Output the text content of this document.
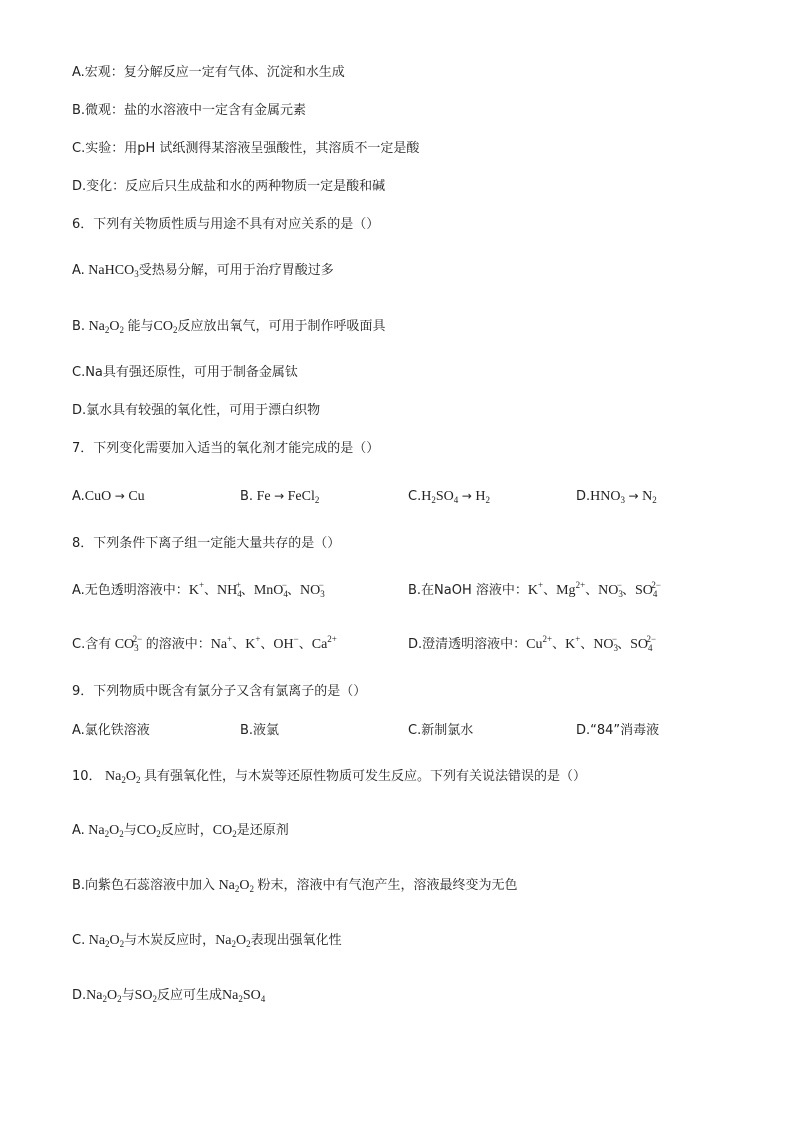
A.宏观：复分解反应一定有气体、沉淀和水生成
B.微观：盐的水溶液中一定含有金属元素
C.实验：用pH 试纸测得某溶液呈强酸性，其溶质不一定是酸
D.变化：反应后只生成盐和水的两种物质一定是酸和碱
6．下列有关物质性质与用途不具有对应关系的是（）
A. NaHCO$_3$受热易分解，可用于治疗胃酸过多
B. $Na_2O_2$ 能与$CO_2$反应放出氧气，可用于制作呼吸面具
C.Na具有强还原性，可用于制备金属钛
D.氯水具有较强的氧化性，可用于漂白织物
7．下列变化需要加入适当的氧化剂才能完成的是（）
A.CuO → Cu	B. Fe → FeCl$_2$	$C.H_2SO_4 \to H_2$	$D.HNO_3 \to N_2$
8．下列条件下离子组一定能大量共存的是（）
A.无色透明溶液中：K+、$NH_4^+$、MnO$_4$−、$NO_3^-$	B.在NaOH 溶液中：K+、$Mg^{2+}$、$NO_3^-$、$SO_4^{2-}$
C.含有 $CO_3^{2-}$ 的溶液中：Na+、K+、OH−、$Ca^{2+}$	D.澄清透明溶液中：$Cu^{2+}$、K+、$NO_3^-$、$SO_4^{2-}$
9．下列物质中既含有氯分子又含有氯离子的是（）
A.氯化铁溶液	B.液氯	C.新制氯水	D.“84”消毒液
10． $Na_2O_2$ 具有强氧化性，与木炭等还原性物质可发生反应。下列有关说法错误的是（）
A. $Na_2O_2$与$CO_2$反应时，$CO_2$是还原剂
B.向紫色石蕊溶液中加入 $Na_2O_2$ 粉末，溶液中有气泡产生，溶液最终变为无色
C. $Na_2O_2$与木炭反应时，$Na_2O_2$表现出强氧化性
$D.Na_2O_2$与$SO_2$反应可生成$Na_2SO_4$
